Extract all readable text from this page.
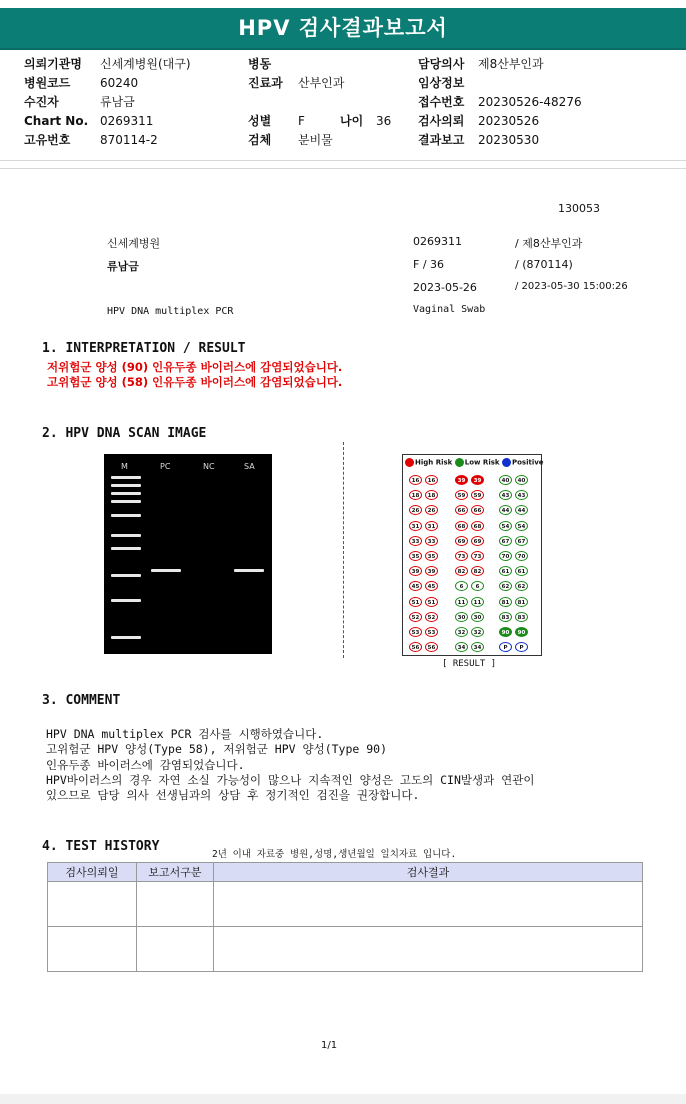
HPV 검사결과보고서
의뢰기관명 신세계병원(대구)
병원코드 60240
수진자	류남금
Chart No. 0269311
고유번호 870114-2
병동
진료과 산부인과

성별 F	나이 36
검체 분비물
담당의사 제8산부인과
임상정보
접수번호 20230526-48276
검사의뢰 20230526
결과보고 20230530
130053
신세계병원
류남금
0269311	/ 제8산부인과
F / 36	/ (870114)
2023-05-26	/ 2023-05-30 15:00:26
HPV DNA multiplex PCR	Vaginal Swab
1. INTERPRETATION / RESULT
저위험군 양성 (90) 인유두종 바이러스에 감염되었습니다.
고위험군 양성 (58) 인유두종 바이러스에 감염되었습니다.
2. HPV DNA SCAN IMAGE
M	PC	NC	SA	High Risk Low Risk Positive
16	16	39	39	40	40
18	18	59	59	43	43
26	26	66	66	44	44
31	31	68	68	54	54
33	33	69	69	67	67
35	35	73	73	70	70
39	39	82	82	61	61
45	45	6	6	62	62
51	51	11	11	81	81
52	52	30	30	83	83
53	53	32	32	90	90
56	56	34	34	P	P
[ RESULT ]
3. COMMENT
HPV DNA multiplex PCR 검사를 시행하였습니다.
고위험군 HPV 양성(Type 58), 저위험군 HPV 양성(Type 90)
인유두종 바이러스에 감염되었습니다.
HPV바이러스의 경우 자연 소실 가능성이 많으나 지속적인 양성은 고도의 CIN발생과 연관이
있으므로 담당 의사 선생님과의 상담 후 정기적인 검진을 권장합니다.
4. TEST HISTORY
2년 이내 자료중 병원,성명,생년월일 일치자료 입니다.
검사의뢰일	보고서구분	검사결과

1/1
